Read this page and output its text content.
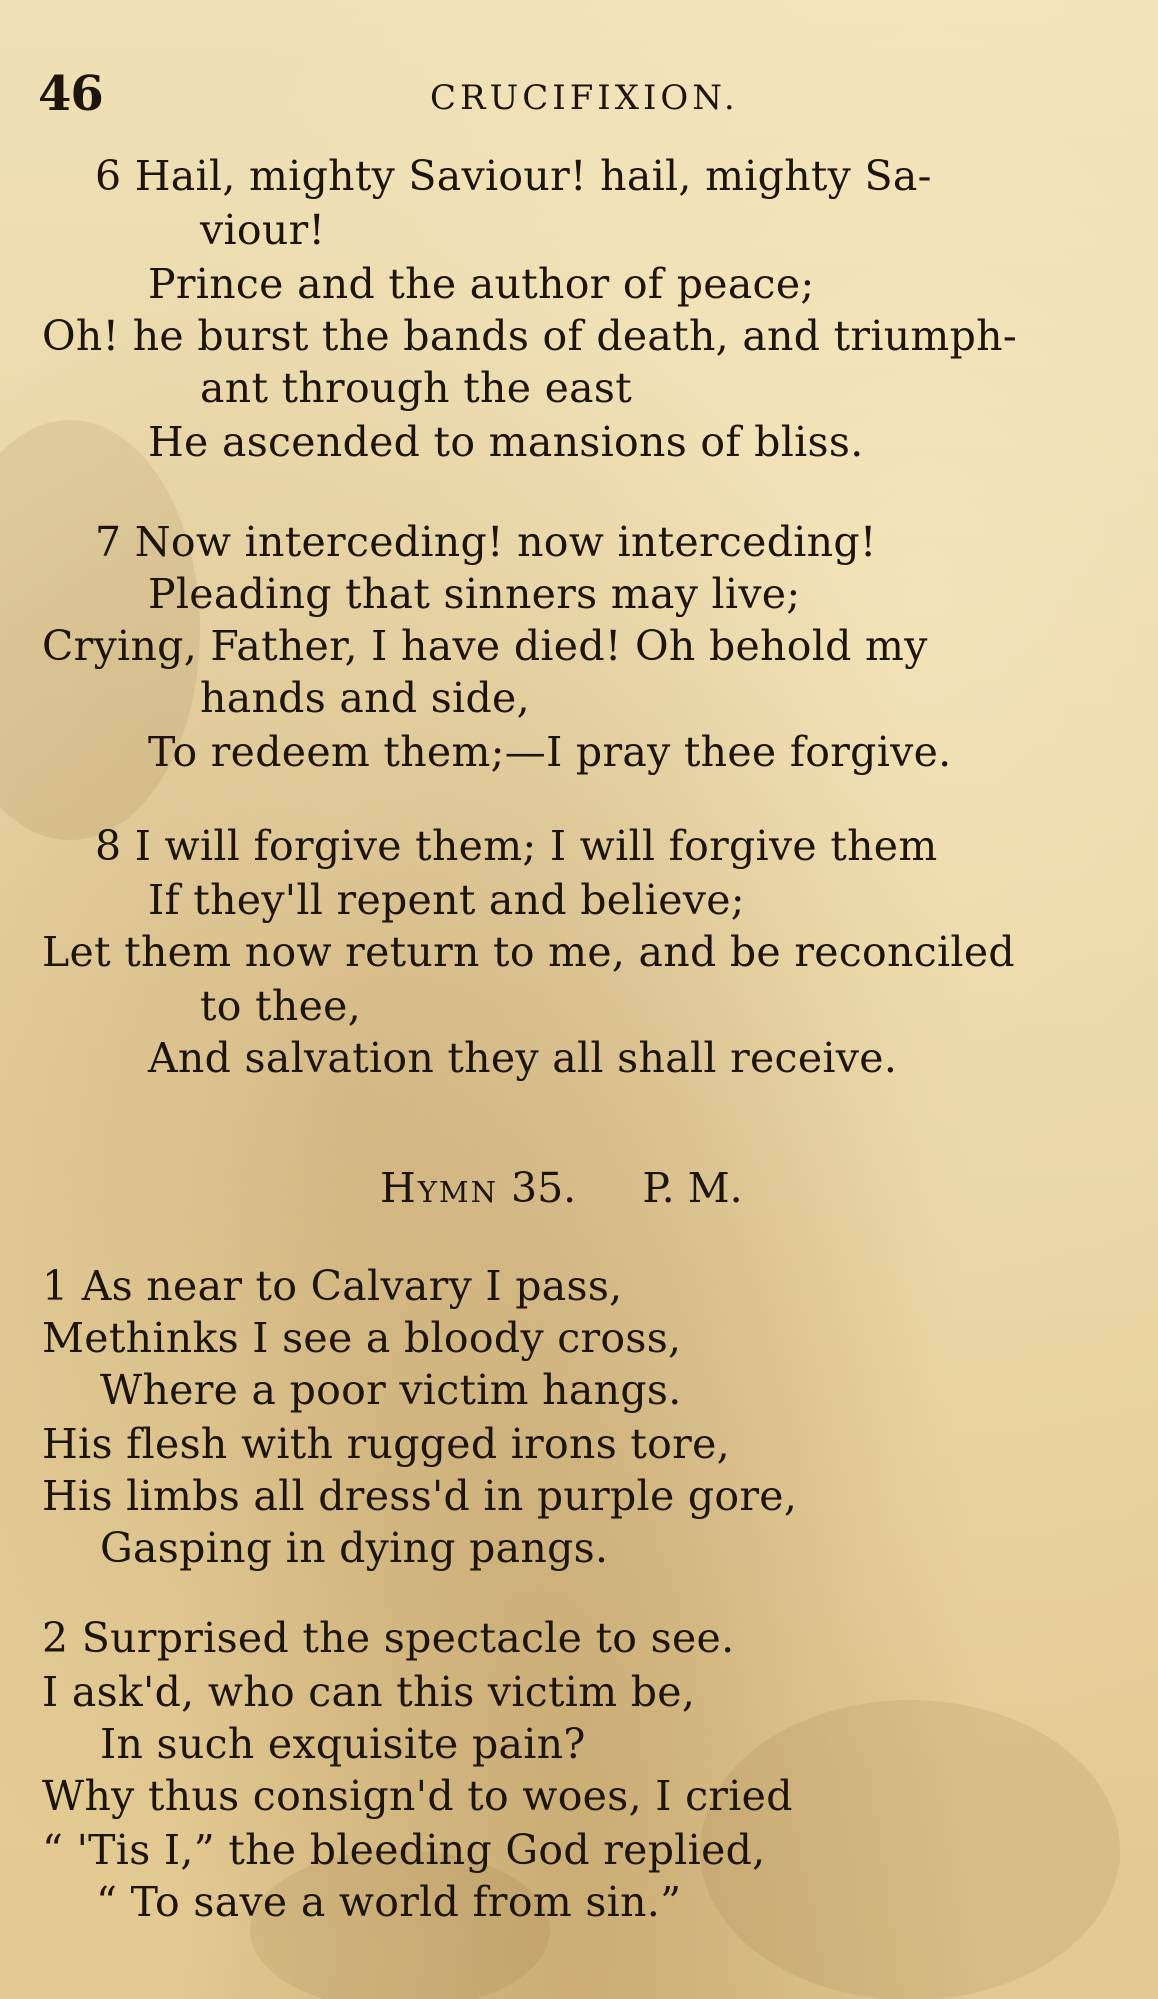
46	CRUCIFIXION.
6 Hail, mighty Saviour! hail, mighty Sa-
viour!
Prince and the author of peace;
Oh! he burst the bands of death, and triumph-
ant through the east
He ascended to mansions of bliss.
7 Now interceding! now interceding!
Pleading that sinners may live;
Crying, Father, I have died! Oh behold my
hands and side,
To redeem them;—I pray thee forgive.
8 I will forgive them; I will forgive them
If they'll repent and believe;
Let them now return to me, and be reconciled
to thee,
And salvation they all shall receive.
Hymn 35. P. M.
1 As near to Calvary I pass,
Methinks I see a bloody cross,
Where a poor victim hangs.
His flesh with rugged irons tore,
His limbs all dress'd in purple gore,
Gasping in dying pangs.
2 Surprised the spectacle to see.
I ask'd, who can this victim be,
In such exquisite pain?
Why thus consign'd to woes, I cried
“ 'Tis I,” the bleeding God replied,
“ To save a world from sin.”
